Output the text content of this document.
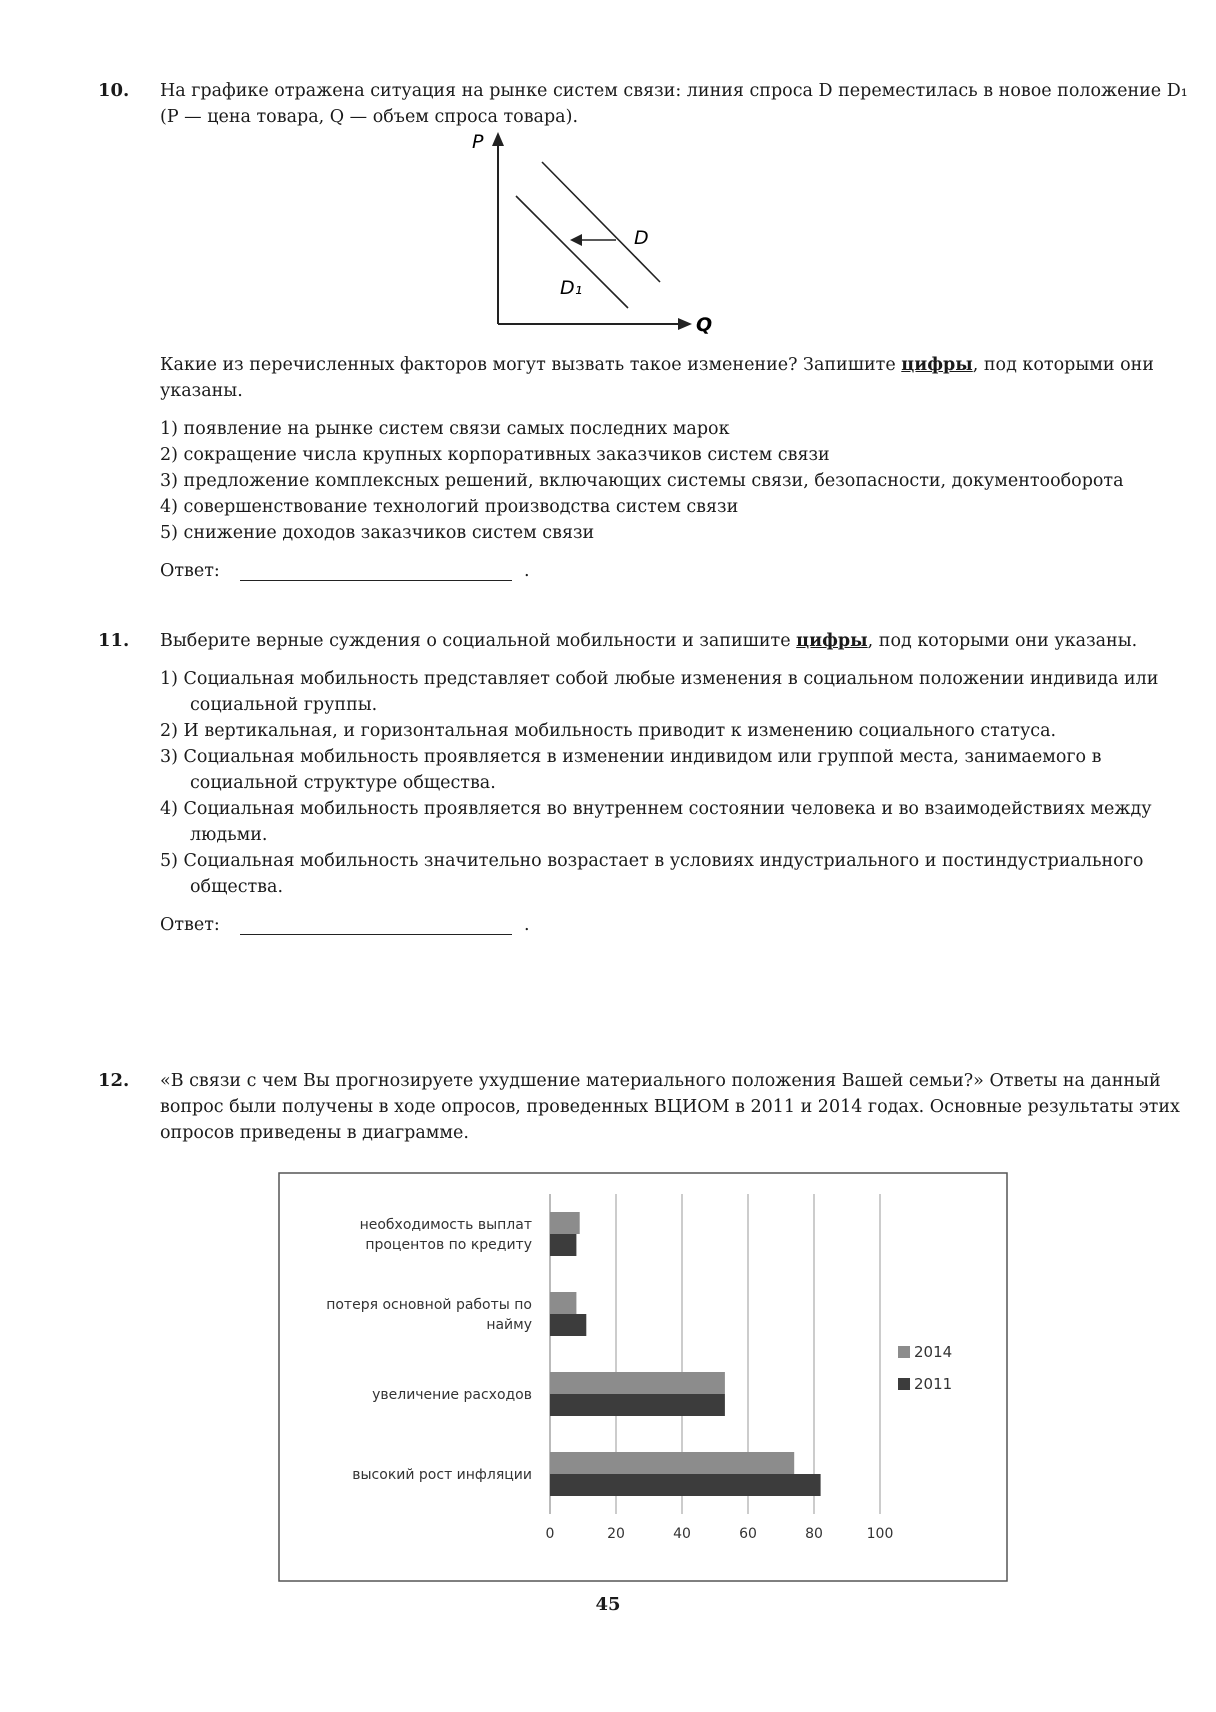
10. На графике отражена ситуация на рынке систем связи: линия спроса D переместилась в новое положение D₁ (P — цена товара, Q — объем спроса товара).
P
Q
D
D₁
Какие из перечисленных факторов могут вызвать такое изменение? Запишите цифры, под которыми они указаны.
1) появление на рынке систем связи самых последних марок
2) сокращение числа крупных корпоративных заказчиков систем связи
3) предложение комплексных решений, включающих системы связи, безопасности, документооборота
4) совершенствование технологий производства систем связи
5) снижение доходов заказчиков систем связи
Ответ:	.
11. Выберите верные суждения о социальной мобильности и запишите цифры, под которыми они указаны.
1) Социальная мобильность представляет собой любые изменения в социальном положении индивида или социальной группы.
2) И вертикальная, и горизонтальная мобильность приводит к изменению социального статуса.
3) Социальная мобильность проявляется в изменении индивидом или группой места, занимаемого в социальной структуре общества.
4) Социальная мобильность проявляется во внутреннем состоянии человека и во взаимодействиях между людьми.
5) Социальная мобильность значительно возрастает в условиях индустриального и постиндустриального общества.
Ответ:	.
12. «В связи с чем Вы прогнозируете ухудшение материального положения Вашей семьи?» Ответы на данный вопрос были получены в ходе опросов, проведенных ВЦИОМ в 2011 и 2014 годах. Основные результаты этих опросов приведены в диаграмме.
необходимость выплат
процентов по кредиту
потеря основной работы по
найму
увеличение расходов
высокий рост инфляции
0	20	40	60	80	100
2014
2011
45
